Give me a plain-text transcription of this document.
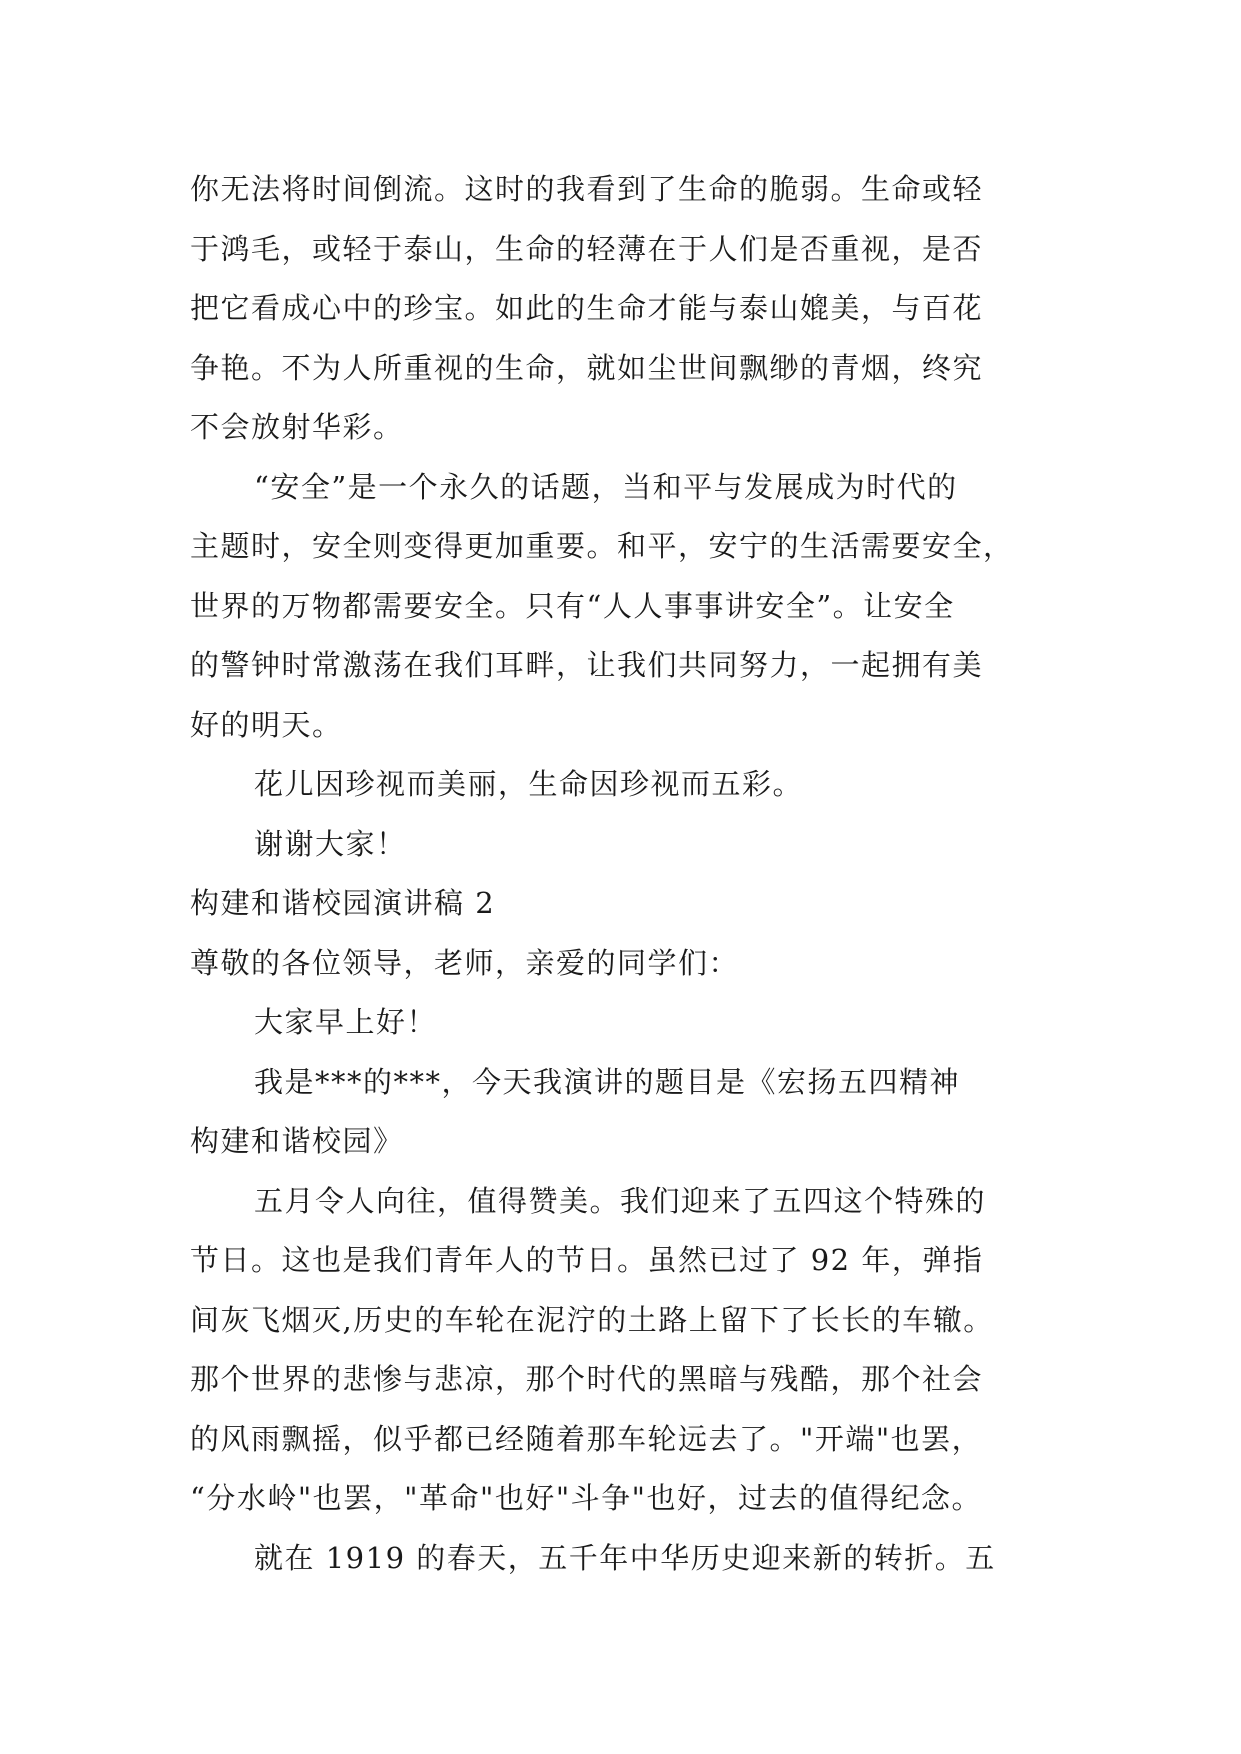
你无法将时间倒流。这时的我看到了生命的脆弱。生命或轻
于鸿毛，或轻于泰山，生命的轻薄在于人们是否重视，是否
把它看成心中的珍宝。如此的生命才能与泰山媲美，与百花
争艳。不为人所重视的生命，就如尘世间飘缈的青烟，终究
不会放射华彩。
“安全”是一个永久的话题，当和平与发展成为时代的
主题时，安全则变得更加重要。和平，安宁的生活需要安全，
世界的万物都需要安全。只有“人人事事讲安全”。让安全
的警钟时常激荡在我们耳畔，让我们共同努力，一起拥有美
好的明天。
花儿因珍视而美丽，生命因珍视而五彩。
谢谢大家！
构建和谐校园演讲稿 2
尊敬的各位领导，老师，亲爱的同学们：
大家早上好！
我是***的***，今天我演讲的题目是《宏扬五四精神
构建和谐校园》
五月令人向往，值得赞美。我们迎来了五四这个特殊的
节日。这也是我们青年人的节日。虽然已过了 92 年，弹指
间灰飞烟灭,历史的车轮在泥泞的土路上留下了长长的车辙。
那个世界的悲惨与悲凉，那个时代的黑暗与残酷，那个社会
的风雨飘摇，似乎都已经随着那车轮远去了。"开端"也罢，
“分水岭"也罢，"革命"也好"斗争"也好，过去的值得纪念。
就在 1919 的春天，五千年中华历史迎来新的转折。五
